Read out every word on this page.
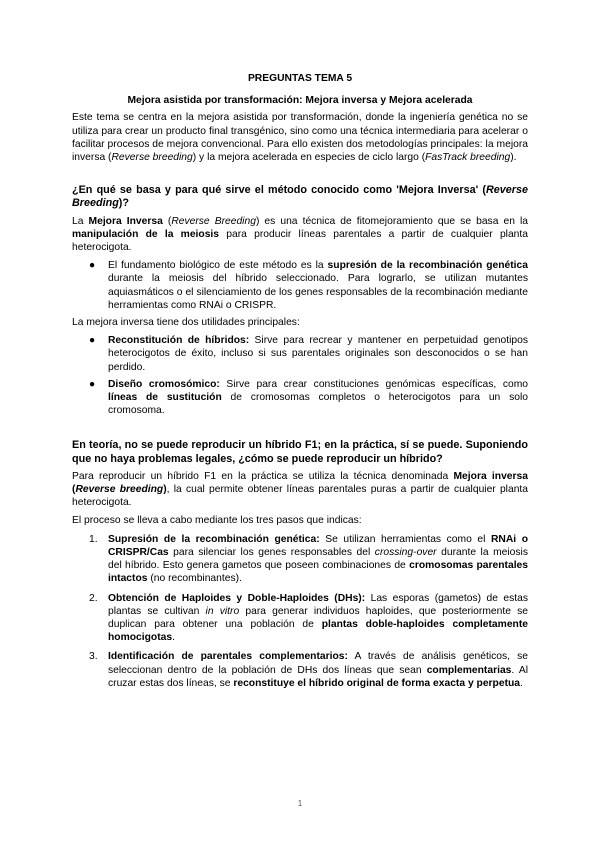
PREGUNTAS TEMA 5

Mejora asistida por transformación: Mejora inversa y Mejora acelerada

Este tema se centra en la mejora asistida por transformación, donde la ingeniería genética no se utiliza para crear un producto final transgénico, sino como una técnica intermediaria para acelerar o facilitar procesos de mejora convencional. Para ello existen dos metodologías principales: la mejora inversa (Reverse breeding) y la mejora acelerada en especies de ciclo largo (FasTrack breeding).

¿En qué se basa y para qué sirve el método conocido como 'Mejora Inversa' (Reverse Breeding)?

La Mejora Inversa (Reverse Breeding) es una técnica de fitomejoramiento que se basa en la manipulación de la meiosis para producir líneas parentales a partir de cualquier planta heterocigota.

● El fundamento biológico de este método es la supresión de la recombinación genética durante la meiosis del híbrido seleccionado. Para lograrlo, se utilizan mutantes aquiasmáticos o el silenciamiento de los genes responsables de la recombinación mediante herramientas como RNAi o CRISPR.

La mejora inversa tiene dos utilidades principales:

● Reconstitución de híbridos: Sirve para recrear y mantener en perpetuidad genotipos heterocigotos de éxito, incluso si sus parentales originales son desconocidos o se han perdido.
● Diseño cromosómico: Sirve para crear constituciones genómicas específicas, como líneas de sustitución de cromosomas completos o heterocigotos para un solo cromosoma.

En teoría, no se puede reproducir un híbrido F1; en la práctica, sí se puede. Suponiendo que no haya problemas legales, ¿cómo se puede reproducir un híbrido?

Para reproducir un híbrido F1 en la práctica se utiliza la técnica denominada Mejora inversa (Reverse breeding), la cual permite obtener líneas parentales puras a partir de cualquier planta heterocigota.

El proceso se lleva a cabo mediante los tres pasos que indicas:

1. Supresión de la recombinación genética: Se utilizan herramientas como el RNAi o CRISPR/Cas para silenciar los genes responsables del crossing-over durante la meiosis del híbrido. Esto genera gametos que poseen combinaciones de cromosomas parentales intactos (no recombinantes).
2. Obtención de Haploides y Doble-Haploides (DHs): Las esporas (gametos) de estas plantas se cultivan in vitro para generar individuos haploides, que posteriormente se duplican para obtener una población de plantas doble-haploides completamente homocigotas.
3. Identificación de parentales complementarios: A través de análisis genéticos, se seleccionan dentro de la población de DHs dos líneas que sean complementarias. Al cruzar estas dos líneas, se reconstituye el híbrido original de forma exacta y perpetua.
1
